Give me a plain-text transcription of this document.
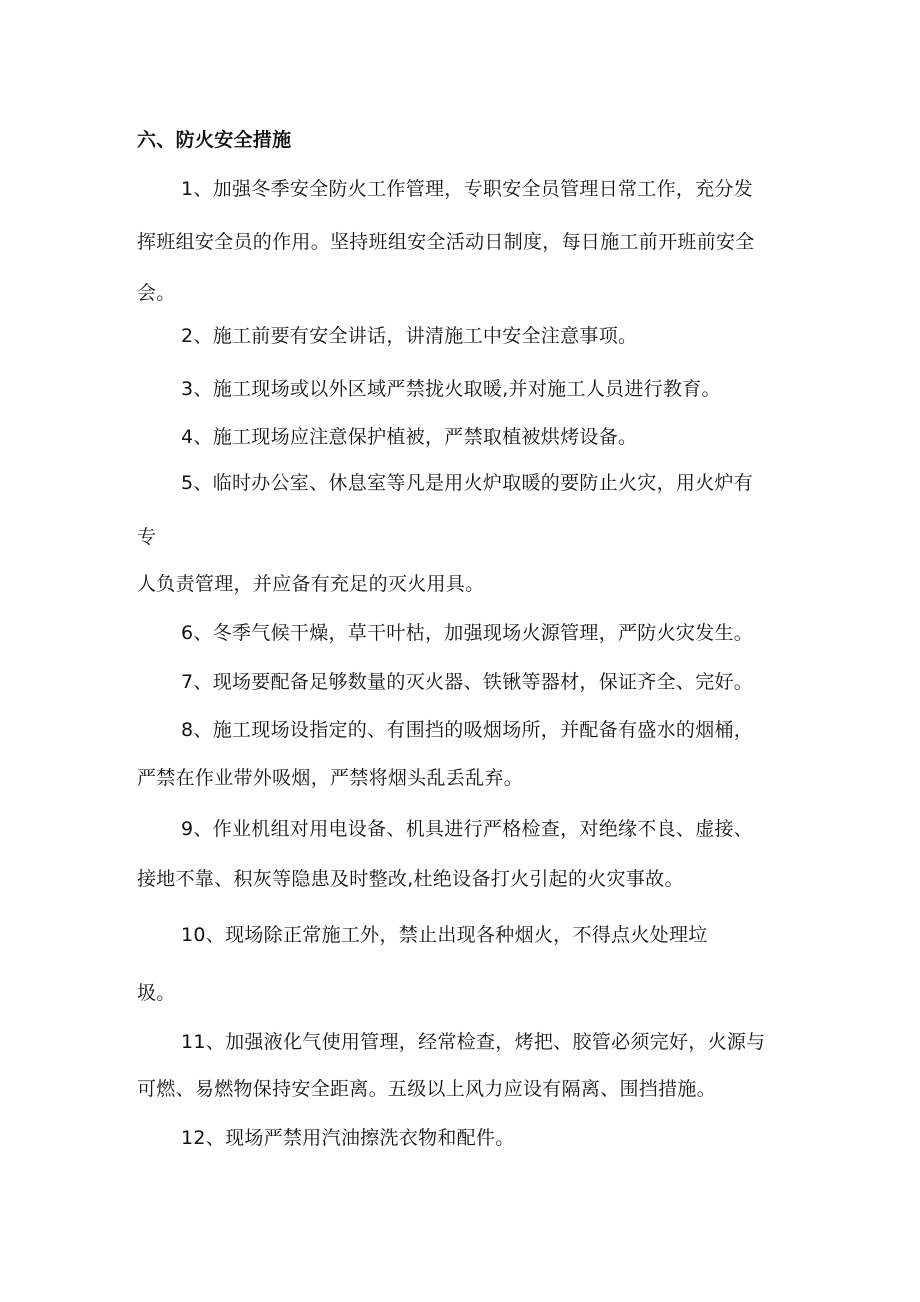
六、防火安全措施
1、加强冬季安全防火工作管理，专职安全员管理日常工作，充分发
挥班组安全员的作用。坚持班组安全活动日制度，每日施工前开班前安全
会。
2、施工前要有安全讲话，讲清施工中安全注意事项。
3、施工现场或以外区域严禁拢火取暖,并对施工人员进行教育。
4、施工现场应注意保护植被，严禁取植被烘烤设备。
5、临时办公室、休息室等凡是用火炉取暖的要防止火灾，用火炉有
专
人负责管理，并应备有充足的灭火用具。
6、冬季气候干燥，草干叶枯，加强现场火源管理，严防火灾发生。
7、现场要配备足够数量的灭火器、铁锹等器材，保证齐全、完好。
8、施工现场设指定的、有围挡的吸烟场所，并配备有盛水的烟桶，
严禁在作业带外吸烟，严禁将烟头乱丢乱弃。
9、作业机组对用电设备、机具进行严格检查，对绝缘不良、虚接、
接地不靠、积灰等隐患及时整改,杜绝设备打火引起的火灾事故。
10、现场除正常施工外，禁止出现各种烟火，不得点火处理垃
圾。
11、加强液化气使用管理，经常检查，烤把、胶管必须完好，火源与
可燃、易燃物保持安全距离。五级以上风力应设有隔离、围挡措施。
12、现场严禁用汽油擦洗衣物和配件。
